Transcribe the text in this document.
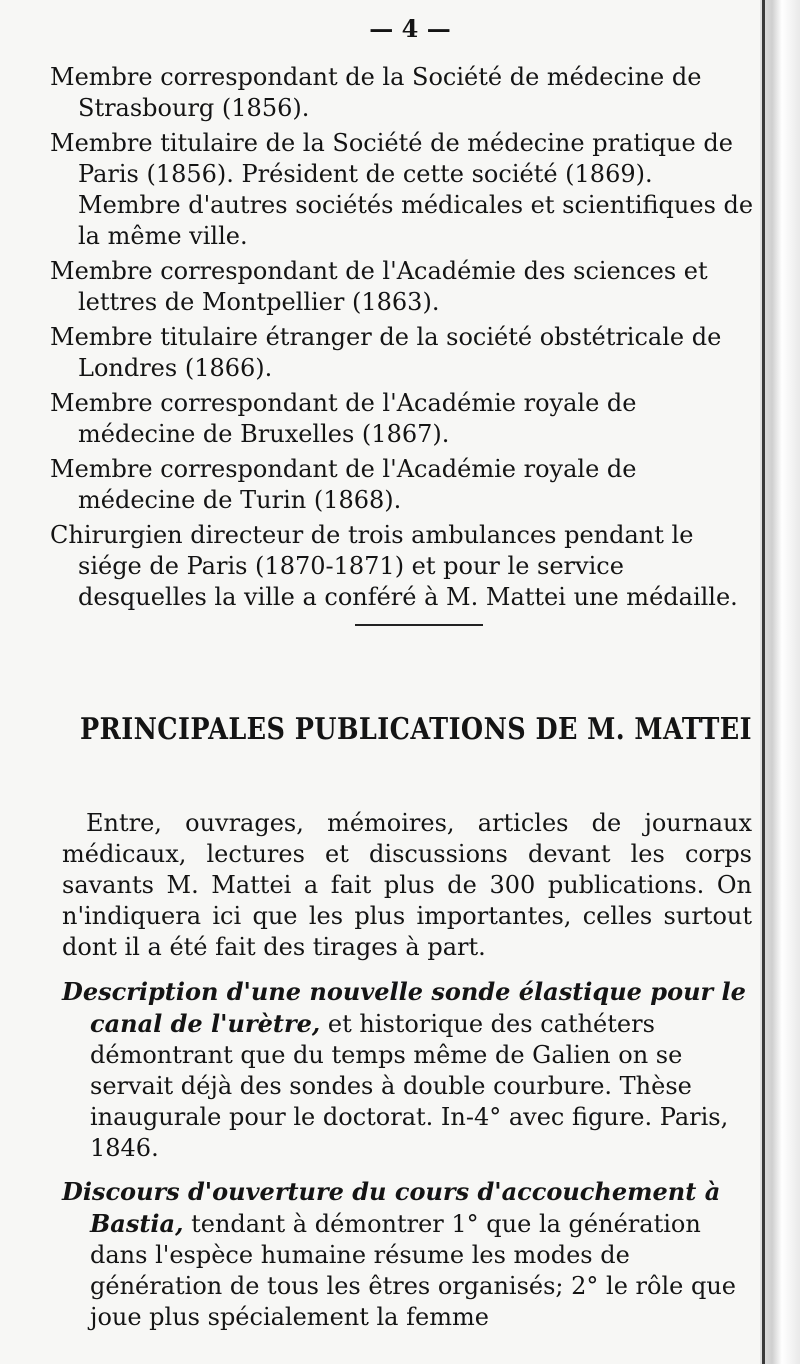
— 4 —

Membre correspondant de la Société de médecine de Strasbourg (1856).

Membre titulaire de la Société de médecine pratique de Paris (1856). Président de cette société (1869). Membre d'autres sociétés médicales et scientifiques de la même ville.

Membre correspondant de l'Académie des sciences et lettres de Montpellier (1863).

Membre titulaire étranger de la société obstétricale de Londres (1866).

Membre correspondant de l'Académie royale de médecine de Bruxelles (1867).

Membre correspondant de l'Académie royale de médecine de Turin (1868).

Chirurgien directeur de trois ambulances pendant le siége de Paris (1870-1871) et pour le service desquelles la ville a conféré à M. Mattei une médaille.

PRINCIPALES PUBLICATIONS DE M. MATTEI

Entre, ouvrages, mémoires, articles de journaux médicaux, lectures et discussions devant les corps savants M. Mattei a fait plus de 300 publications. On n'indiquera ici que les plus importantes, celles surtout dont il a été fait des tirages à part.

Description d'une nouvelle sonde élastique pour le canal de l'urètre, et historique des cathéters démontrant que du temps même de Galien on se servait déjà des sondes à double courbure. Thèse inaugurale pour le doctorat. In-4° avec figure. Paris, 1846.

Discours d'ouverture du cours d'accouchement à Bastia, tendant à démontrer 1° que la génération dans l'espèce humaine résume les modes de génération de tous les êtres organisés; 2° le rôle que joue plus spécialement la femme
